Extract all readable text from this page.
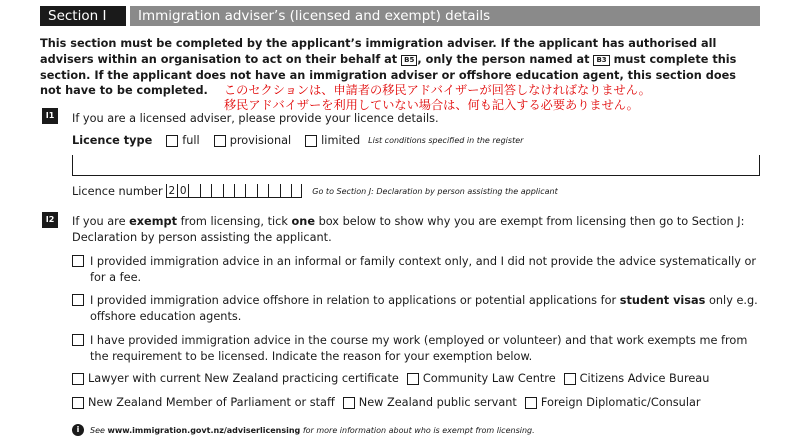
Section I	Immigration adviser’s (licensed and exempt) details
This section must be completed by the applicant’s immigration adviser. If the applicant has authorised all advisers within an organisation to act on their behalf at B5 , only the person named at B3 must complete this section. If the applicant does not have an immigration adviser or offshore education agent, this section does not have to be completed.	このセクションは、申請者の移民アドバイザーが回答しなければなりません。
移民アドバイザーを利用していない場合は、何も記入する必要ありません。
I1	If you are a licensed adviser, please provide your licence details.
Licence type	full	provisional	limited List conditions specified in the register
Licence number 2 0	Go to Section J: Declaration by person assisting the applicant
I2	If you are exempt from licensing, tick one box below to show why you are exempt from licensing then go to Section J: Declaration by person assisting the applicant.
I provided immigration advice in an informal or family context only, and I did not provide the advice systematically or for a fee.
I provided immigration advice offshore in relation to applications or potential applications for student visas only e.g. offshore education agents.
I have provided immigration advice in the course my work (employed or volunteer) and that work exempts me from the requirement to be licensed. Indicate the reason for your exemption below.
Lawyer with current New Zealand practicing certificate Community Law Centre Citizens Advice Bureau
New Zealand Member of Parliament or staff New Zealand public servant Foreign Diplomatic/Consular
i	See
www.immigration.govt.nz/adviserlicensing
for more information about who is exempt from licensing.
